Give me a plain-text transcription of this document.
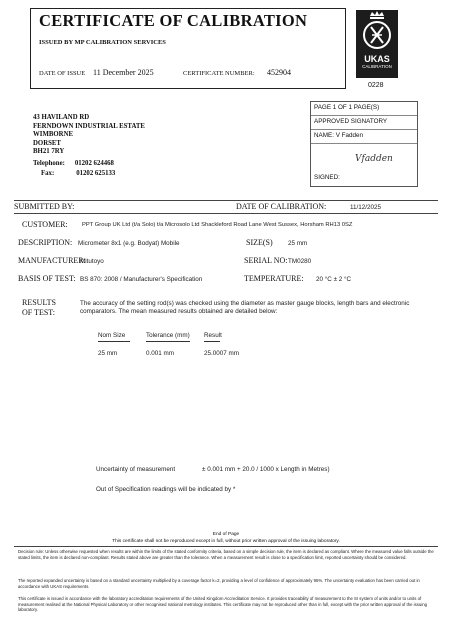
CERTIFICATE OF CALIBRATION
ISSUED BY MP CALIBRATION SERVICES
DATE OF ISSUE 11 December 2025	CERTIFICATE NUMBER: 452904
UKAS
CALIBRATION
0228
43 HAVILAND RD
FERNDOWN INDUSTRIAL ESTATE
WIMBORNE
DORSET
BH21 7RY
Telephone: 01202 624468
Fax:	01202 625133
PAGE 1 OF 1 PAGE(S)
APPROVED SIGNATORY
NAME: V Fadden
Vfadden
SIGNED:
SUBMITTED BY:	DATE OF CALIBRATION:	11/12/2025
CUSTOMER: PPT Group UK Ltd (t/a Solo) t/a Microsolo Ltd Shackleford Road Lane West Sussex, Horsham RH13 0SZ
DESCRIPTION: Micrometer 8x1 (e.g. Bodyat) Mobile	SIZE(S) 25 mm
MANUFACTURER:
Mitutoyo	SERIAL NO: TM0280
BASIS OF TEST: BS 870: 2008 / Manufacturer's Specification	TEMPERATURE: 20 °C ± 2 °C
RESULTS
OF TEST:
The accuracy of the setting rod(s) was checked using the diameter as master gauge blocks, length bars and electronic comparators. The mean measured results obtained are detailed below:
Nom Size	Tolerance (mm) Result
25 mm	0.001 mm	25.0007 mm
Uncertainty of measurement	± 0.001 mm + 20.0 / 1000 x Length in Metres)
Out of Specification readings will be indicated by *
End of Page
This certificate shall not be reproduced except in full, without prior written approval of the issuing laboratory.
Decision rule: Unless otherwise requested when results are within the limits of the stated conformity criteria, based on a simple decision rule, the item is declared as compliant. Where the measured value falls outside the stated limits, the item is declared non-compliant. Results stated above are greater than the tolerance. When a measurement result is close to a specification limit, reported uncertainty should be considered.
The reported expanded uncertainty is based on a standard uncertainty multiplied by a coverage factor k=2, providing a level of confidence of approximately 95%. The uncertainty evaluation has been carried out in accordance with UKAS requirements.
This certificate is issued in accordance with the laboratory accreditation requirements of the United Kingdom Accreditation Service. It provides traceability of measurement to the SI system of units and/or to units of measurement realised at the National Physical Laboratory or other recognised national metrology institutes. This certificate may not be reproduced other than in full, except with the prior written approval of the issuing laboratory.
